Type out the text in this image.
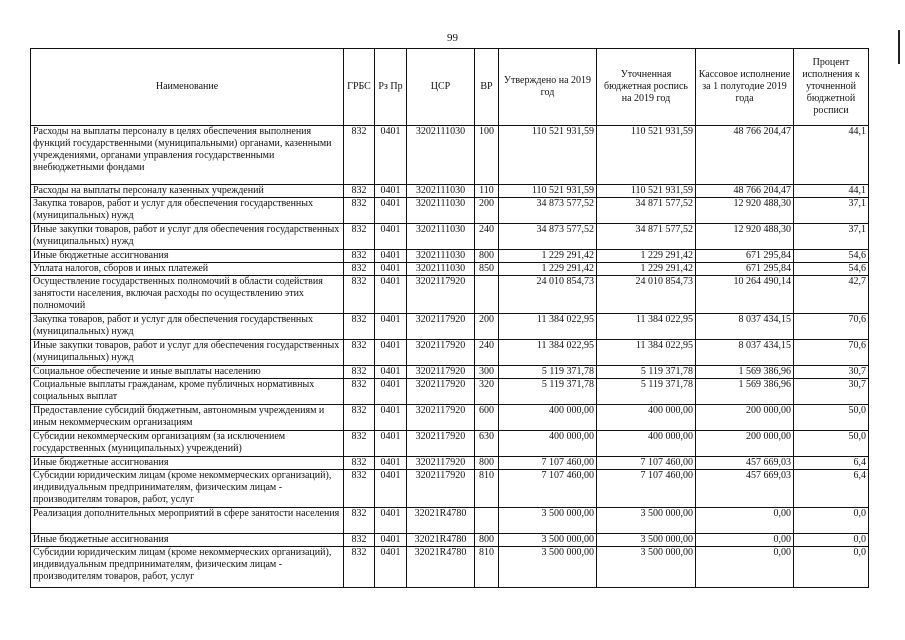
99
Наименование	ГРБС	Рз Пр	ЦСР	ВР	Утверждено на 2019 год	Уточненная бюджетная роспись на 2019 год	Кассовое исполнение за 1 полугодие 2019 года	Процент исполнения к уточненной бюджетной росписи
Расходы на выплаты персоналу в целях обеспечения выполнения функций государственными (муниципальными) органами, казенными учреждениями, органами управления государственными внебюджетными фондами	832	0401	3202111030	100	110 521 931,59	110 521 931,59	48 766 204,47	44,1
Расходы на выплаты персоналу казенных учреждений	832	0401	3202111030	110	110 521 931,59	110 521 931,59	48 766 204,47	44,1
Закупка товаров, работ и услуг для обеспечения государственных (муниципальных) нужд	832	0401	3202111030	200	34 873 577,52	34 871 577,52	12 920 488,30	37,1
Иные закупки товаров, работ и услуг для обеспечения государственных (муниципальных) нужд	832	0401	3202111030	240	34 873 577,52	34 871 577,52	12 920 488,30	37,1
Иные бюджетные ассигнования	832	0401	3202111030	800	1 229 291,42	1 229 291,42	671 295,84	54,6
Уплата налогов, сборов и иных платежей	832	0401	3202111030	850	1 229 291,42	1 229 291,42	671 295,84	54,6
Осуществление государственных полномочий в области содействия занятости населения, включая расходы по осуществлению этих полномочий	832	0401	3202117920		24 010 854,73	24 010 854,73	10 264 490,14	42,7
Закупка товаров, работ и услуг для обеспечения государственных (муниципальных) нужд	832	0401	3202117920	200	11 384 022,95	11 384 022,95	8 037 434,15	70,6
Иные закупки товаров, работ и услуг для обеспечения государственных (муниципальных) нужд	832	0401	3202117920	240	11 384 022,95	11 384 022,95	8 037 434,15	70,6
Социальное обеспечение и иные выплаты населению	832	0401	3202117920	300	5 119 371,78	5 119 371,78	1 569 386,96	30,7
Социальные выплаты гражданам, кроме публичных нормативных социальных выплат	832	0401	3202117920	320	5 119 371,78	5 119 371,78	1 569 386,96	30,7
Предоставление субсидий бюджетным, автономным учреждениям и иным некоммерческим организациям	832	0401	3202117920	600	400 000,00	400 000,00	200 000,00	50,0
Субсидии некоммерческим организациям (за исключением государственных (муниципальных) учреждений)	832	0401	3202117920	630	400 000,00	400 000,00	200 000,00	50,0
Иные бюджетные ассигнования	832	0401	3202117920	800	7 107 460,00	7 107 460,00	457 669,03	6,4
Субсидии юридическим лицам (кроме некоммерческих организаций), индивидуальным предпринимателям, физическим лицам - производителям товаров, работ, услуг	832	0401	3202117920	810	7 107 460,00	7 107 460,00	457 669,03	6,4
Реализация дополнительных мероприятий в сфере занятости населения	832	0401	32021R4780		3 500 000,00	3 500 000,00	0,00	0,0
Иные бюджетные ассигнования	832	0401	32021R4780	800	3 500 000,00	3 500 000,00	0,00	0,0
Субсидии юридическим лицам (кроме некоммерческих организаций), индивидуальным предпринимателям, физическим лицам - производителям товаров, работ, услуг	832	0401	32021R4780	810	3 500 000,00	3 500 000,00	0,00	0,0
